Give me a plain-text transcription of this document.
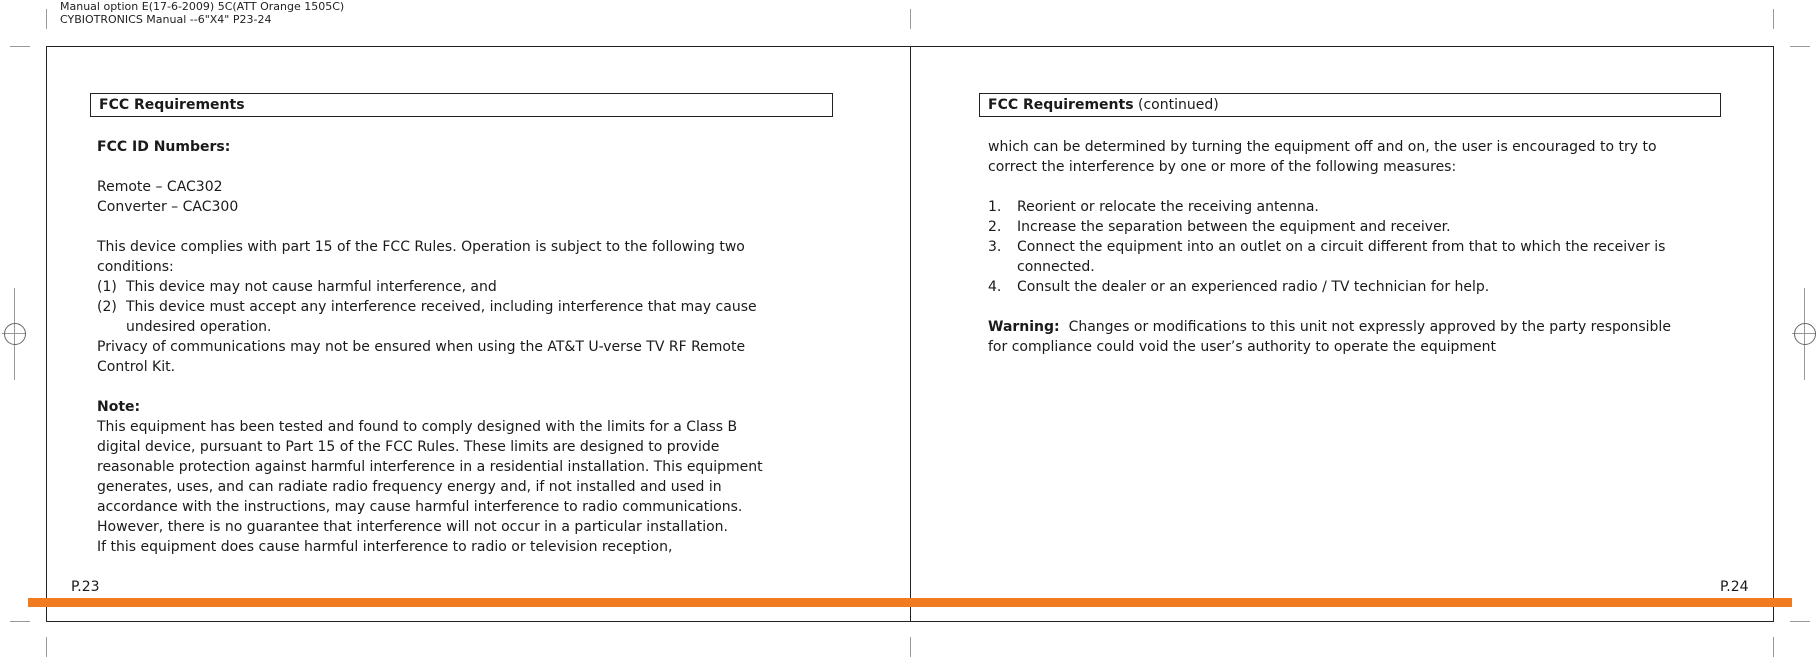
Manual option E(17-6-2009) 5C(ATT Orange 1505C)
CYBIOTRONICS Manual --6"X4" P23-24
FCC Requirements

FCC ID Numbers:

Remote – CAC302

Converter – CAC300

This device complies with part 15 of the FCC Rules. Operation is subject to the following two conditions:

(1) This device may not cause harmful interference, and
(2) This device must accept any interference received, including interference that may cause undesired operation.

Privacy of communications may not be ensured when using the AT&T U-verse TV RF Remote Control Kit.

Note:

This equipment has been tested and found to comply designed with the limits for a Class B

digital device, pursuant to Part 15 of the FCC Rules. These limits are designed to provide

reasonable protection against harmful interference in a residential installation. This equipment

generates, uses, and can radiate radio frequency energy and, if not installed and used in

accordance with the instructions, may cause harmful interference to radio communications.

However, there is no guarantee that interference will not occur in a particular installation.

If this equipment does cause harmful interference to radio or television reception,

P.23
FCC Requirements (continued)

which can be determined by turning the equipment off and on, the user is encouraged to try to correct the interference by one or more of the following measures:

1.	Reorient or relocate the receiving antenna.
2.	Increase the separation between the equipment and receiver.
3.	Connect the equipment into an outlet on a circuit different from that to which the receiver is connected.
4.	Consult the dealer or an experienced radio / TV technician for help.

Warning: Changes or modifications to this unit not expressly approved by the party responsible for compliance could void the user’s authority to operate the equipment

P.24
